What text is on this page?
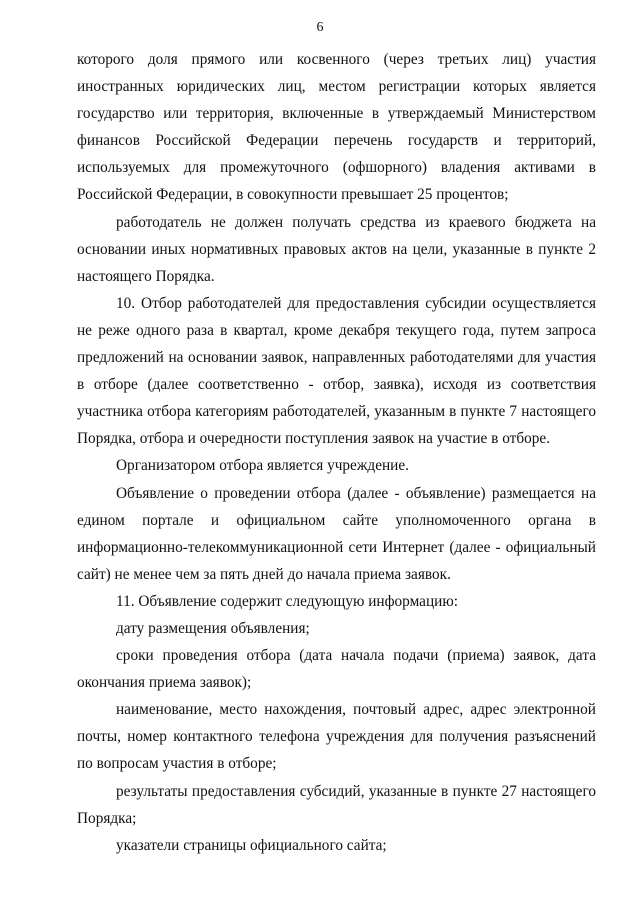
6

которого доля прямого или косвенного (через третьих лиц) участия иностранных юридических лиц, местом регистрации которых является государство или территория, включенные в утверждаемый Министерством финансов Российской Федерации перечень государств и территорий, используемых для промежуточного (офшорного) владения активами в Российской Федерации, в совокупности превышает 25 процентов;

работодатель не должен получать средства из краевого бюджета на основании иных нормативных правовых актов на цели, указанные в пункте 2 настоящего Порядка.

10. Отбор работодателей для предоставления субсидии осуществляется не реже одного раза в квартал, кроме декабря текущего года, путем запроса предложений на основании заявок, направленных работодателями для участия в отборе (далее соответственно - отбор, заявка), исходя из соответствия участника отбора категориям работодателей, указанным в пункте 7 настоящего Порядка, отбора и очередности поступления заявок на участие в отборе.

Организатором отбора является учреждение.

Объявление о проведении отбора (далее - объявление) размещается на едином портале и официальном сайте уполномоченного органа в информационно-телекоммуникационной сети Интернет (далее - официальный сайт) не менее чем за пять дней до начала приема заявок.

11. Объявление содержит следующую информацию:

дату размещения объявления;

сроки проведения отбора (дата начала подачи (приема) заявок, дата окончания приема заявок);

наименование, место нахождения, почтовый адрес, адрес электронной почты, номер контактного телефона учреждения для получения разъяснений по вопросам участия в отборе;

результаты предоставления субсидий, указанные в пункте 27 настоящего Порядка;

указатели страницы официального сайта;
